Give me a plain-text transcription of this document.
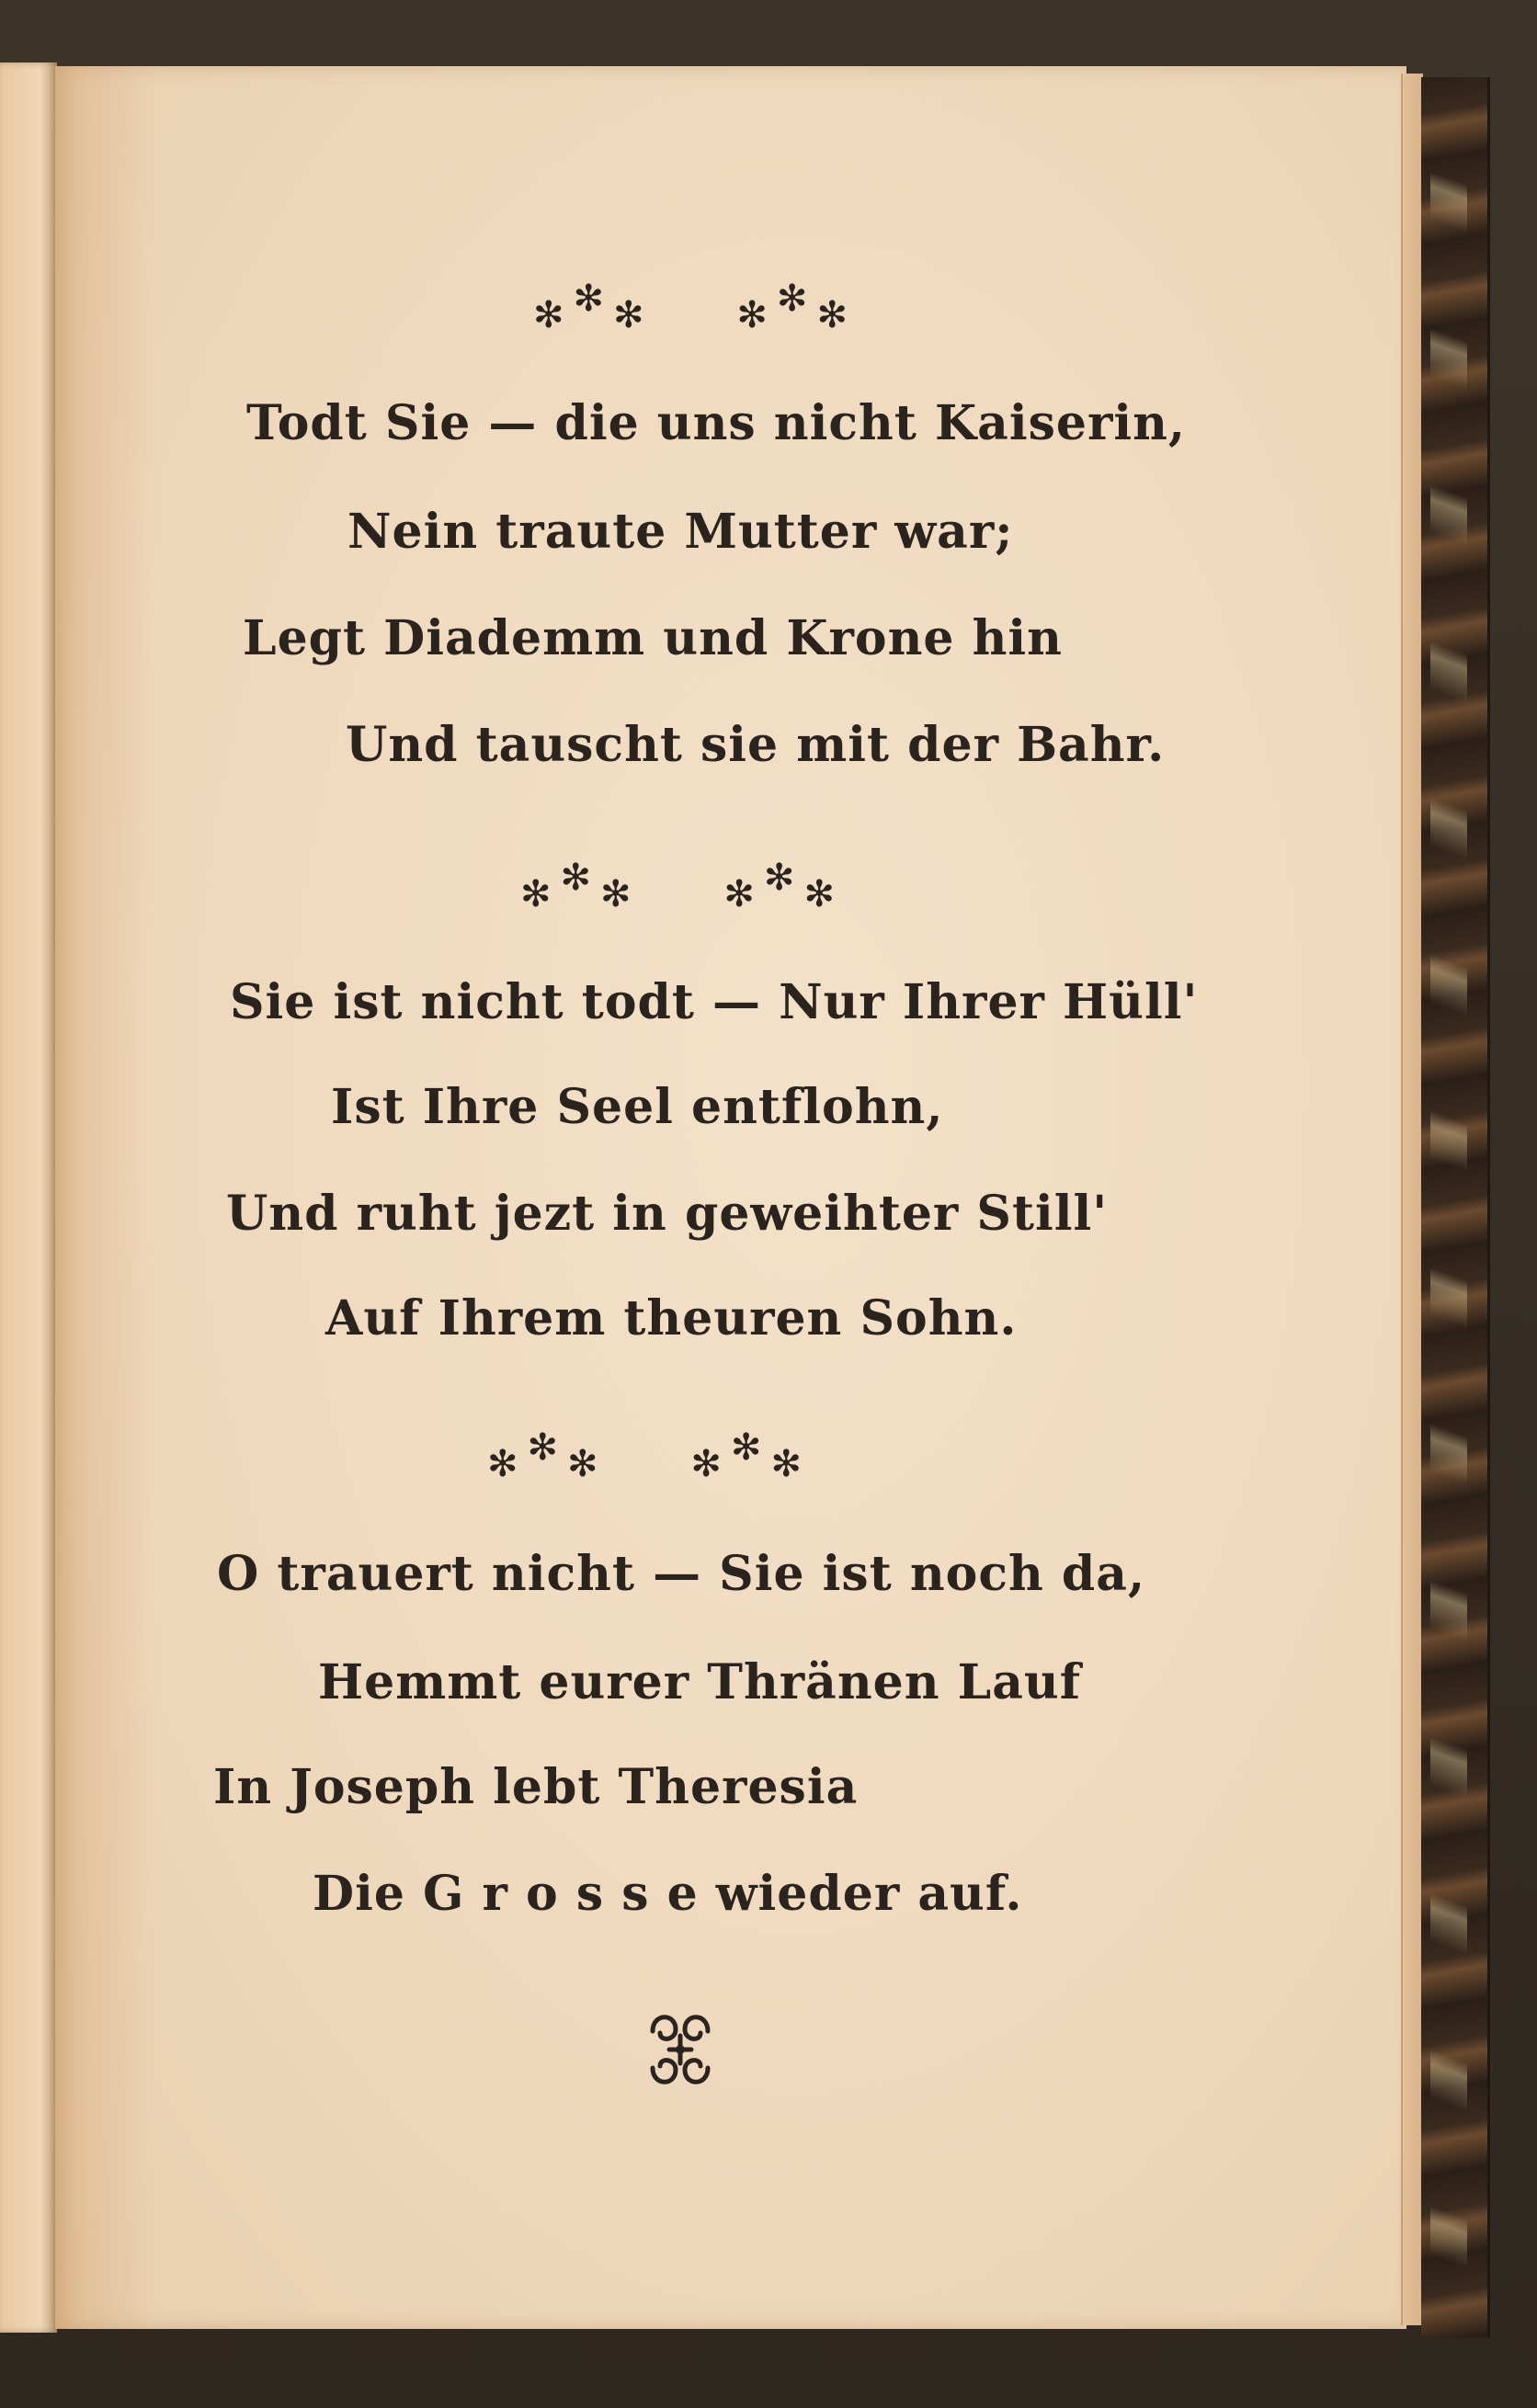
✻✻✻ ✻✻✻
Todt Sie — die uns nicht Kaiserin,
Nein traute Mutter war;
Legt Diademm und Krone hin
Und tauscht sie mit der Bahr.
✻✻✻ ✻✻✻
Sie ist nicht todt — Nur Ihrer Hüll'
Ist Ihre Seel entflohn,
Und ruht jezt in geweihter Still'
Auf Ihrem theuren Sohn.
✻✻✻ ✻✻✻
O trauert nicht — Sie ist noch da,
Hemmt eurer Thränen Lauf
In Joseph lebt Theresia
Die G r o s s e wieder auf.
